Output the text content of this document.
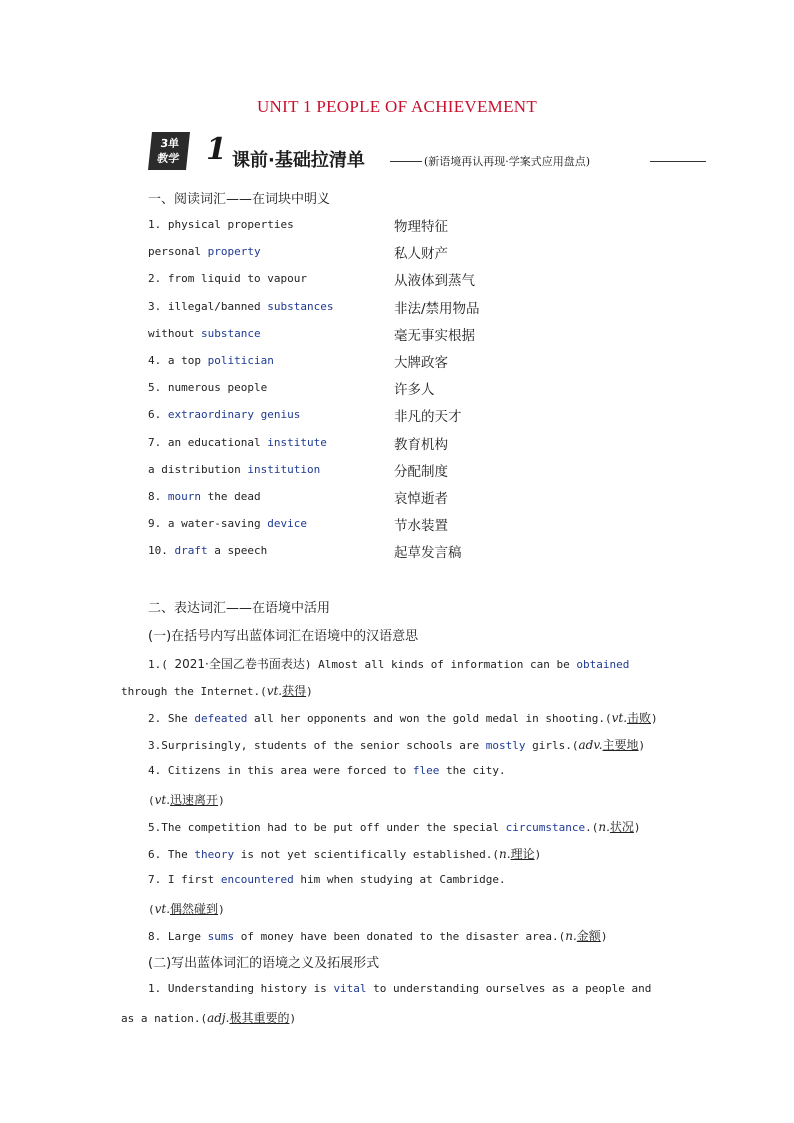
UNIT 1 PEOPLE OF ACHIEVEMENT
3单
教学 1 课前·基础拉清单	(新语境再认再现·学案式应用盘点)
一、阅读词汇——在词块中明义
1. physical properties	物理特征
personal property	私人财产
2. from liquid to vapour	从液体到蒸气
3. illegal/banned substances	非法/禁用物品
without substance	毫无事实根据
4. a top politician	大牌政客
5. numerous people	许多人
6. extraordinary genius	非凡的天才
7. an educational institute	教育机构
a distribution institution	分配制度
8. mourn the dead	哀悼逝者
9. a water-saving device	节水装置
10. draft a speech	起草发言稿
二、表达词汇——在语境中活用
(一)在括号内写出蓝体词汇在语境中的汉语意思
1.( 2021·全国乙卷书面表达) Almost all kinds of information can be obtained
through the Internet.(vt.获得)
2. She defeated all her opponents and won the gold medal in shooting.(vt.击败)
3.Surprisingly, students of the senior schools are mostly girls.(adv.主要地)
4. Citizens in this area were forced to flee the city.
(vt.迅速离开)
5.The competition had to be put off under the special circumstance.(n.状况)
6. The theory is not yet scientifically established.(n.理论)
7. I first encountered him when studying at Cambridge.
(vt.偶然碰到)
8. Large sums of money have been donated to the disaster area.(n.金额)
(二)写出蓝体词汇的语境之义及拓展形式
1. Understanding history is vital to understanding ourselves as a people and
as a nation.(adj.极其重要的)
